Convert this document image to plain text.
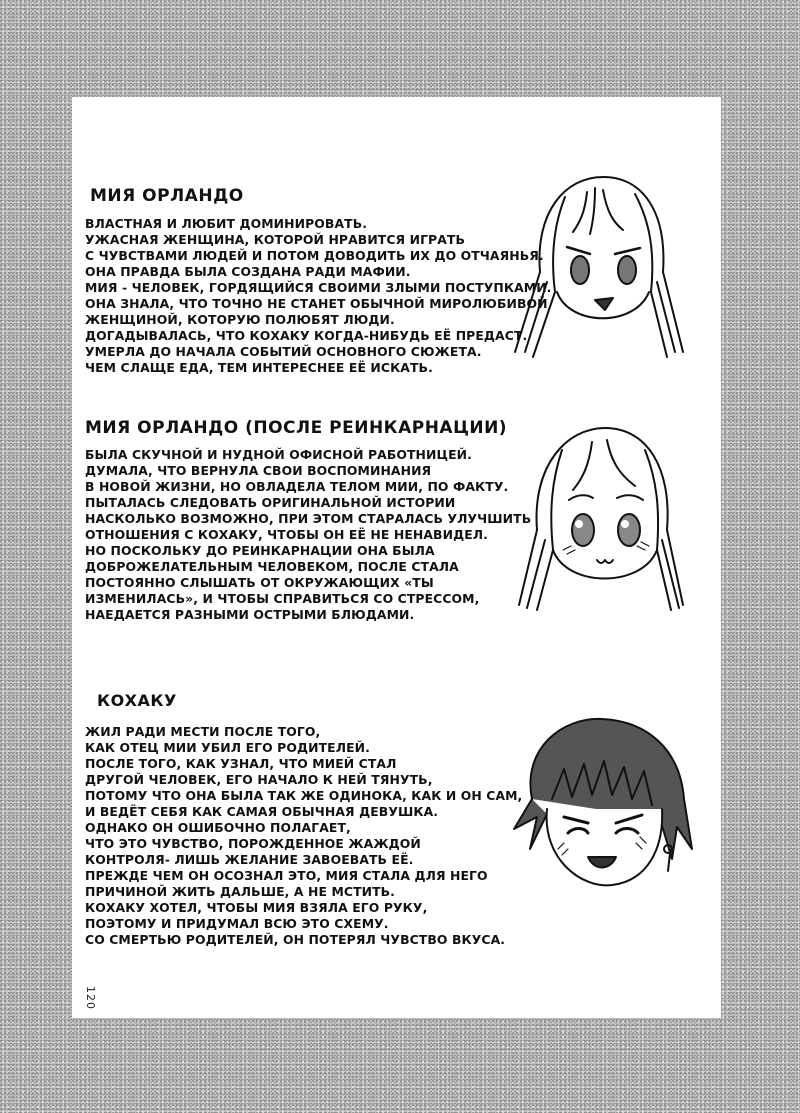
МИЯ ОРЛАНДО
ВЛАСТНАЯ И ЛЮБИТ ДОМИНИРОВАТЬ.
УЖАСНАЯ ЖЕНЩИНА, КОТОРОЙ НРАВИТСЯ ИГРАТЬ
С ЧУВСТВАМИ ЛЮДЕЙ И ПОТОМ ДОВОДИТЬ ИХ ДО ОТЧАЯНЬЯ.
ОНА ПРАВДА БЫЛА СОЗДАНА РАДИ МАФИИ.
МИЯ - ЧЕЛОВЕК, ГОРДЯЩИЙСЯ СВОИМИ ЗЛЫМИ ПОСТУПКАМИ.
ОНА ЗНАЛА, ЧТО ТОЧНО НЕ СТАНЕТ ОБЫЧНОЙ МИРОЛЮБИВОЙ
ЖЕНЩИНОЙ, КОТОРУЮ ПОЛЮБЯТ ЛЮДИ.
ДОГАДЫВАЛАСЬ, ЧТО КОХАКУ КОГДА-НИБУДЬ ЕЁ ПРЕДАСТ.
УМЕРЛА ДО НАЧАЛА СОБЫТИЙ ОСНОВНОГО СЮЖЕТА.
ЧЕМ СЛАЩЕ ЕДА, ТЕМ ИНТЕРЕСНЕЕ ЕЁ ИСКАТЬ.
МИЯ ОРЛАНДО (ПОСЛЕ РЕИНКАРНАЦИИ)
БЫЛА СКУЧНОЙ И НУДНОЙ ОФИСНОЙ РАБОТНИЦЕЙ.
ДУМАЛА, ЧТО ВЕРНУЛА СВОИ ВОСПОМИНАНИЯ
В НОВОЙ ЖИЗНИ, НО ОВЛАДЕЛА ТЕЛОМ МИИ, ПО ФАКТУ.
ПЫТАЛАСЬ СЛЕДОВАТЬ ОРИГИНАЛЬНОЙ ИСТОРИИ
НАСКОЛЬКО ВОЗМОЖНО, ПРИ ЭТОМ СТАРАЛАСЬ УЛУЧШИТЬ
ОТНОШЕНИЯ С КОХАКУ, ЧТОБЫ ОН ЕЁ НЕ НЕНАВИДЕЛ.
НО ПОСКОЛЬКУ ДО РЕИНКАРНАЦИИ ОНА БЫЛА
ДОБРОЖЕЛАТЕЛЬНЫМ ЧЕЛОВЕКОМ, ПОСЛЕ СТАЛА
ПОСТОЯННО СЛЫШАТЬ ОТ ОКРУЖАЮЩИХ «ТЫ
ИЗМЕНИЛАСЬ», И ЧТОБЫ СПРАВИТЬСЯ СО СТРЕССОМ,
НАЕДАЕТСЯ РАЗНЫМИ ОСТРЫМИ БЛЮДАМИ.
КОХАКУ
ЖИЛ РАДИ МЕСТИ ПОСЛЕ ТОГО,
КАК ОТЕЦ МИИ УБИЛ ЕГО РОДИТЕЛЕЙ.
ПОСЛЕ ТОГО, КАК УЗНАЛ, ЧТО МИЕЙ СТАЛ
ДРУГОЙ ЧЕЛОВЕК, ЕГО НАЧАЛО К НЕЙ ТЯНУТЬ,
ПОТОМУ ЧТО ОНА БЫЛА ТАК ЖЕ ОДИНОКА, КАК И ОН САМ,
И ВЕДЁТ СЕБЯ КАК САМАЯ ОБЫЧНАЯ ДЕВУШКА.
ОДНАКО ОН ОШИБОЧНО ПОЛАГАЕТ,
ЧТО ЭТО ЧУВСТВО, ПОРОЖДЕННОЕ ЖАЖДОЙ
КОНТРОЛЯ- ЛИШЬ ЖЕЛАНИЕ ЗАВОЕВАТЬ ЕЁ.
ПРЕЖДЕ ЧЕМ ОН ОСОЗНАЛ ЭТО, МИЯ СТАЛА ДЛЯ НЕГО
ПРИЧИНОЙ ЖИТЬ ДАЛЬШЕ, А НЕ МСТИТЬ.
КОХАКУ ХОТЕЛ, ЧТОБЫ МИЯ ВЗЯЛА ЕГО РУКУ,
ПОЭТОМУ И ПРИДУМАЛ ВСЮ ЭТО СХЕМУ.
СО СМЕРТЬЮ РОДИТЕЛЕЙ, ОН ПОТЕРЯЛ ЧУВСТВО ВКУСА.
120
